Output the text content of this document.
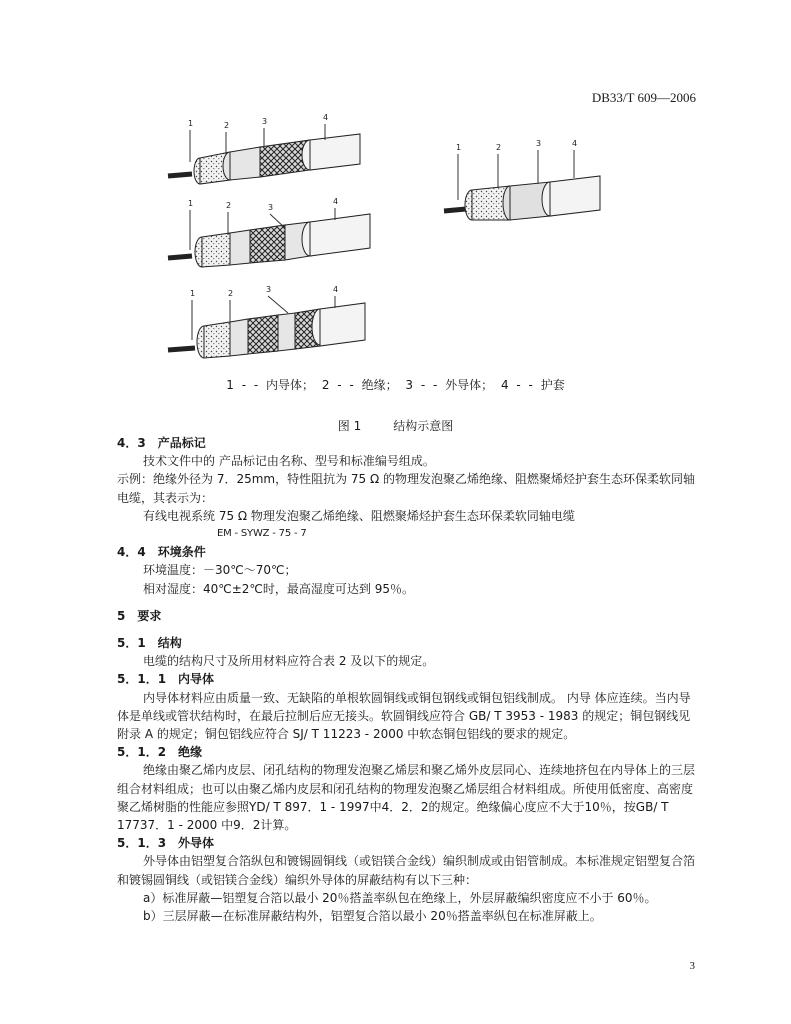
DB33/T 609—2006
1	2	3	4
1	2	3
4
1	2	3	4
1	2	3	4
1 - - 内导体； 2 - - 绝缘； 3 - - 外导体； 4 - - 护套
图 1	结构示意图

4．3　产品标记

技术文件中的 产品标记由名称、型号和标准编号组成。

示例：绝缘外径为 7．25mm，特性阻抗为 75 Ω 的物理发泡聚乙烯绝缘、阻燃聚烯烃护套生态环保柔软同轴电缆，其表示为：

有线电视系统 75 Ω 物理发泡聚乙烯绝缘、阻燃聚烯烃护套生态环保柔软同轴电缆

EM - SYWZ - 75 - 7

4．4　环境条件

环境温度：－30℃～70℃；

相对湿度：40℃±2℃时，最高湿度可达到 95％。

5　要求

5．1　结构

电缆的结构尺寸及所用材料应符合表 2 及以下的规定。

5．1．1　内导体

内导体材料应由质量一致、无缺陷的单根软圆铜线或铜包钢线或铜包铝线制成。 内导 体应连续。当内导体是单线或管状结构时，在最后拉制后应无接头。软圆铜线应符合 GB/ T 3953 - 1983 的规定；铜包钢线见附录 A 的规定；铜包铝线应符合 SJ/ T 11223 - 2000 中软态铜包铝线的要求的规定。

5．1．2　绝缘

绝缘由聚乙烯内皮层、闭孔结构的物理发泡聚乙烯层和聚乙烯外皮层同心、连续地挤包在内导体上的三层组合材料组成；也可以由聚乙烯内皮层和闭孔结构的物理发泡聚乙烯层组合材料组成。所使用低密度、高密度聚乙烯树脂的性能应参照YD/ T 897．1 - 1997中4．2．2的规定。绝缘偏心度应不大于10％，按GB/ T 17737．1 - 2000 中9．2计算。

5．1．3　外导体

外导体由铝塑复合箔纵包和镀锡圆铜线（或铝镁合金线）编织制成或由铝管制成。本标准规定铝塑复合箔和镀锡圆铜线（或铝镁合金线）编织外导体的屏蔽结构有以下三种：

a）标准屏蔽—铝塑复合箔以最小 20％搭盖率纵包在绝缘上，外层屏蔽编织密度应不小于 60％。

b）三层屏蔽—在标准屏蔽结构外，铝塑复合箔以最小 20％搭盖率纵包在标准屏蔽上。

3
